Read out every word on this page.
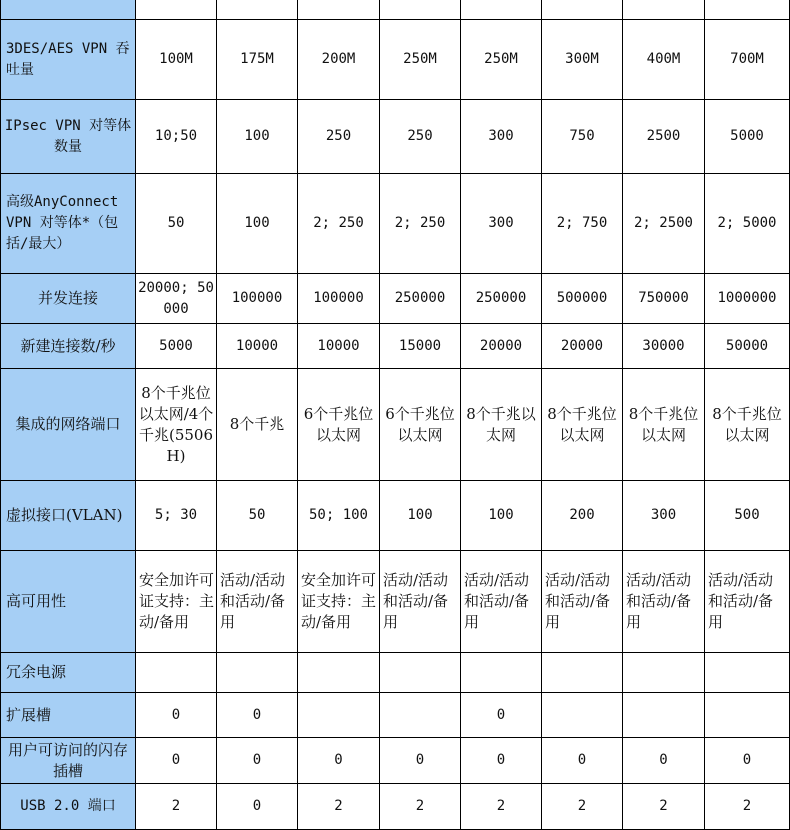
3DES/AES VPN 吞吐量	100M	175M	200M	250M	250M	300M	400M	700M
IPsec VPN 对等体数量	10;50	100	250	250	300	750	2500	5000
高级AnyConnect VPN 对等体*（包括/最大）	50	100	2; 250	2; 250	300	2; 750	2; 2500	2; 5000
并发连接	20000; 50000	100000	100000	250000	250000	500000	750000	1000000
新建连接数/秒	5000	10000	10000	15000	20000	20000	30000	50000
集成的网络端口	8个千兆位以太网/4个千兆(5506H)	8个千兆	6个千兆位以太网	6个千兆位以太网	8个千兆以太网	8个千兆位以太网	8个千兆位以太网	8个千兆位以太网
虚拟接口(VLAN)	5; 30	50	50; 100	100	100	200	300	500
高可用性	安全加许可证支持：主动/备用	活动/活动和活动/备用	安全加许可证支持：主动/备用	活动/活动和活动/备用	活动/活动和活动/备用	活动/活动和活动/备用	活动/活动和活动/备用	活动/活动和活动/备用
冗余电源								
扩展槽	0	0			0			
用户可访问的闪存插槽	0	0	0	0	0	0	0	0
USB 2.0 端口	2	0	2	2	2	2	2	2
